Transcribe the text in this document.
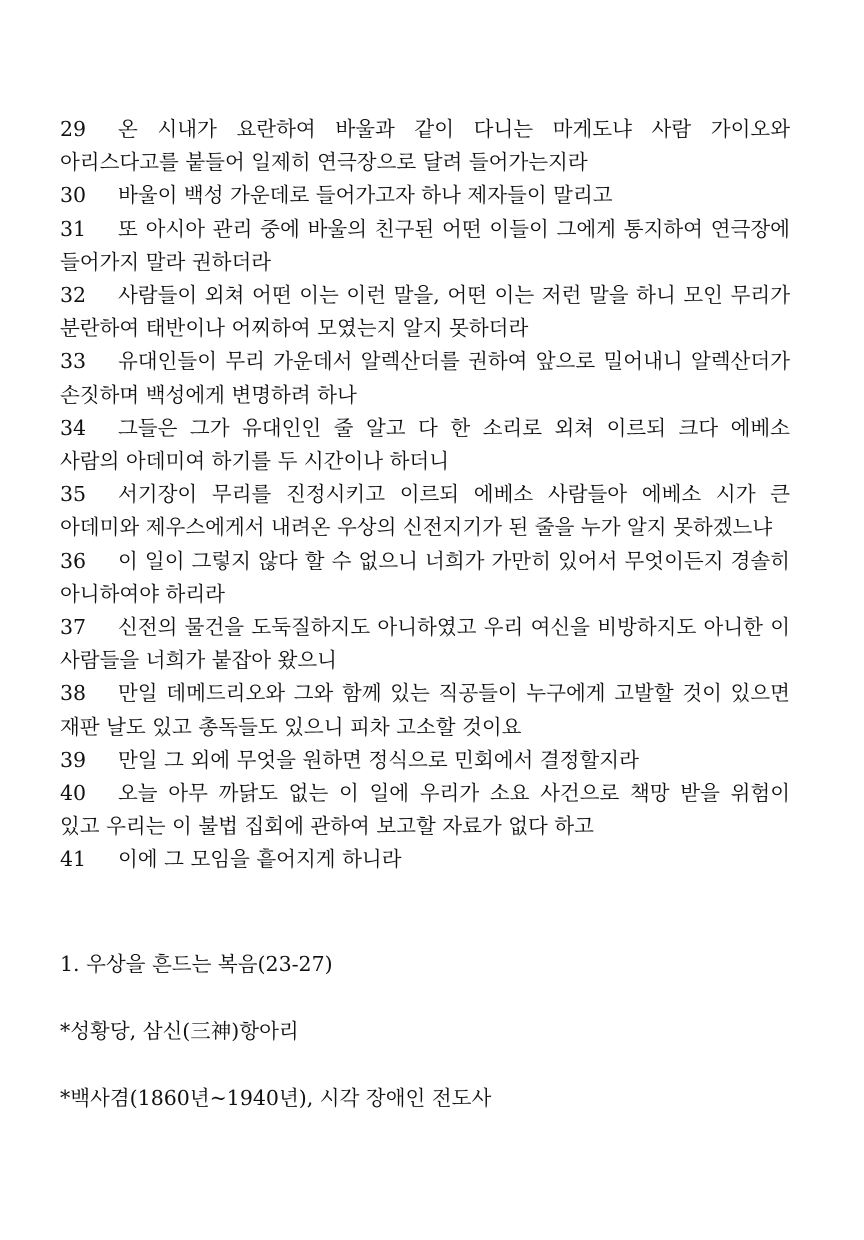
29 온 시내가 요란하여 바울과 같이 다니는 마게도냐 사람 가이오와 아리스다고를 붙들어 일제히 연극장으로 달려 들어가는지라
30 바울이 백성 가운데로 들어가고자 하나 제자들이 말리고
31 또 아시아 관리 중에 바울의 친구된 어떤 이들이 그에게 통지하여 연극장에 들어가지 말라 권하더라
32 사람들이 외쳐 어떤 이는 이런 말을, 어떤 이는 저런 말을 하니 모인 무리가 분란하여 태반이나 어찌하여 모였는지 알지 못하더라
33 유대인들이 무리 가운데서 알렉산더를 권하여 앞으로 밀어내니 알렉산더가 손짓하며 백성에게 변명하려 하나
34 그들은 그가 유대인인 줄 알고 다 한 소리로 외쳐 이르되 크다 에베소 사람의 아데미여 하기를 두 시간이나 하더니
35 서기장이 무리를 진정시키고 이르되 에베소 사람들아 에베소 시가 큰 아데미와 제우스에게서 내려온 우상의 신전지기가 된 줄을 누가 알지 못하겠느냐
36 이 일이 그렇지 않다 할 수 없으니 너희가 가만히 있어서 무엇이든지 경솔히 아니하여야 하리라
37 신전의 물건을 도둑질하지도 아니하였고 우리 여신을 비방하지도 아니한 이 사람들을 너희가 붙잡아 왔으니
38 만일 데메드리오와 그와 함께 있는 직공들이 누구에게 고발할 것이 있으면 재판 날도 있고 총독들도 있으니 피차 고소할 것이요
39 만일 그 외에 무엇을 원하면 정식으로 민회에서 결정할지라
40 오늘 아무 까닭도 없는 이 일에 우리가 소요 사건으로 책망 받을 위험이 있고 우리는 이 불법 집회에 관하여 보고할 자료가 없다 하고
41 이에 그 모임을 흩어지게 하니라
1. 우상을 흔드는 복음(23-27)
*성황당, 삼신(三神)항아리
*백사겸(1860년~1940년), 시각 장애인 전도사
